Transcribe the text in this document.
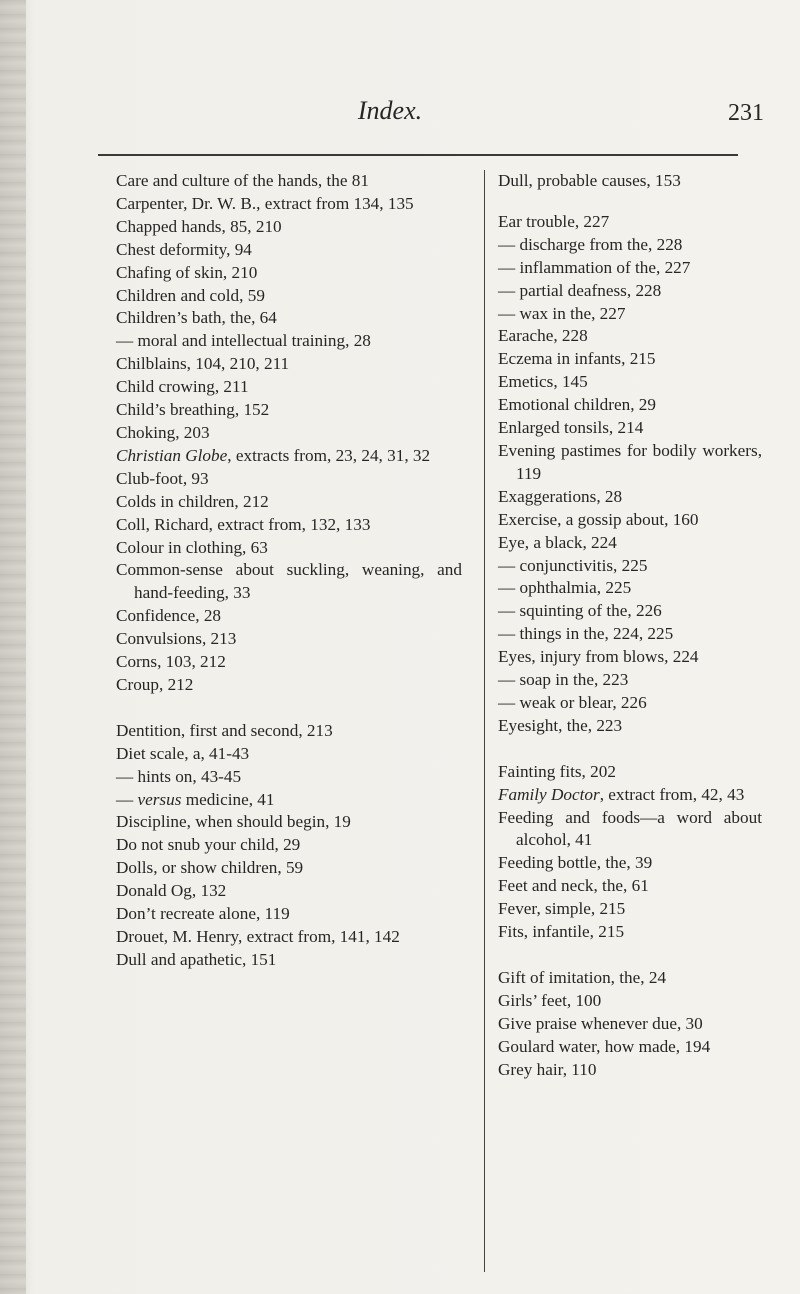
Index.	231
Care and culture of the hands, the 81
Carpenter, Dr. W. B., extract from 134, 135
Chapped hands, 85, 210
Chest deformity, 94
Chafing of skin, 210
Children and cold, 59
Children’s bath, the, 64
— moral and intellectual training, 28
Chilblains, 104, 210, 211
Child crowing, 211
Child’s breathing, 152
Choking, 203
Christian Globe, extracts from, 23, 24, 31, 32
Club-foot, 93
Colds in children, 212
Coll, Richard, extract from, 132, 133
Colour in clothing, 63
Common-sense about suckling, weaning, and hand-feeding, 33
Confidence, 28
Convulsions, 213
Corns, 103, 212
Croup, 212
Dentition, first and second, 213
Diet scale, a, 41-43
— hints on, 43-45
— versus medicine, 41
Discipline, when should begin, 19
Do not snub your child, 29
Dolls, or show children, 59
Donald Og, 132
Don’t recreate alone, 119
Drouet, M. Henry, extract from, 141, 142
Dull and apathetic, 151
Dull, probable causes, 153
Ear trouble, 227
— discharge from the, 228
— inflammation of the, 227
— partial deafness, 228
— wax in the, 227
Earache, 228
Eczema in infants, 215
Emetics, 145
Emotional children, 29
Enlarged tonsils, 214
Evening pastimes for bodily workers, 119
Exaggerations, 28
Exercise, a gossip about, 160
Eye, a black, 224
— conjunctivitis, 225
— ophthalmia, 225
— squinting of the, 226
— things in the, 224, 225
Eyes, injury from blows, 224
— soap in the, 223
— weak or blear, 226
Eyesight, the, 223
Fainting fits, 202
Family Doctor, extract from, 42, 43
Feeding and foods—a word about alcohol, 41
Feeding bottle, the, 39
Feet and neck, the, 61
Fever, simple, 215
Fits, infantile, 215
Gift of imitation, the, 24
Girls’ feet, 100
Give praise whenever due, 30
Goulard water, how made, 194
Grey hair, 110
